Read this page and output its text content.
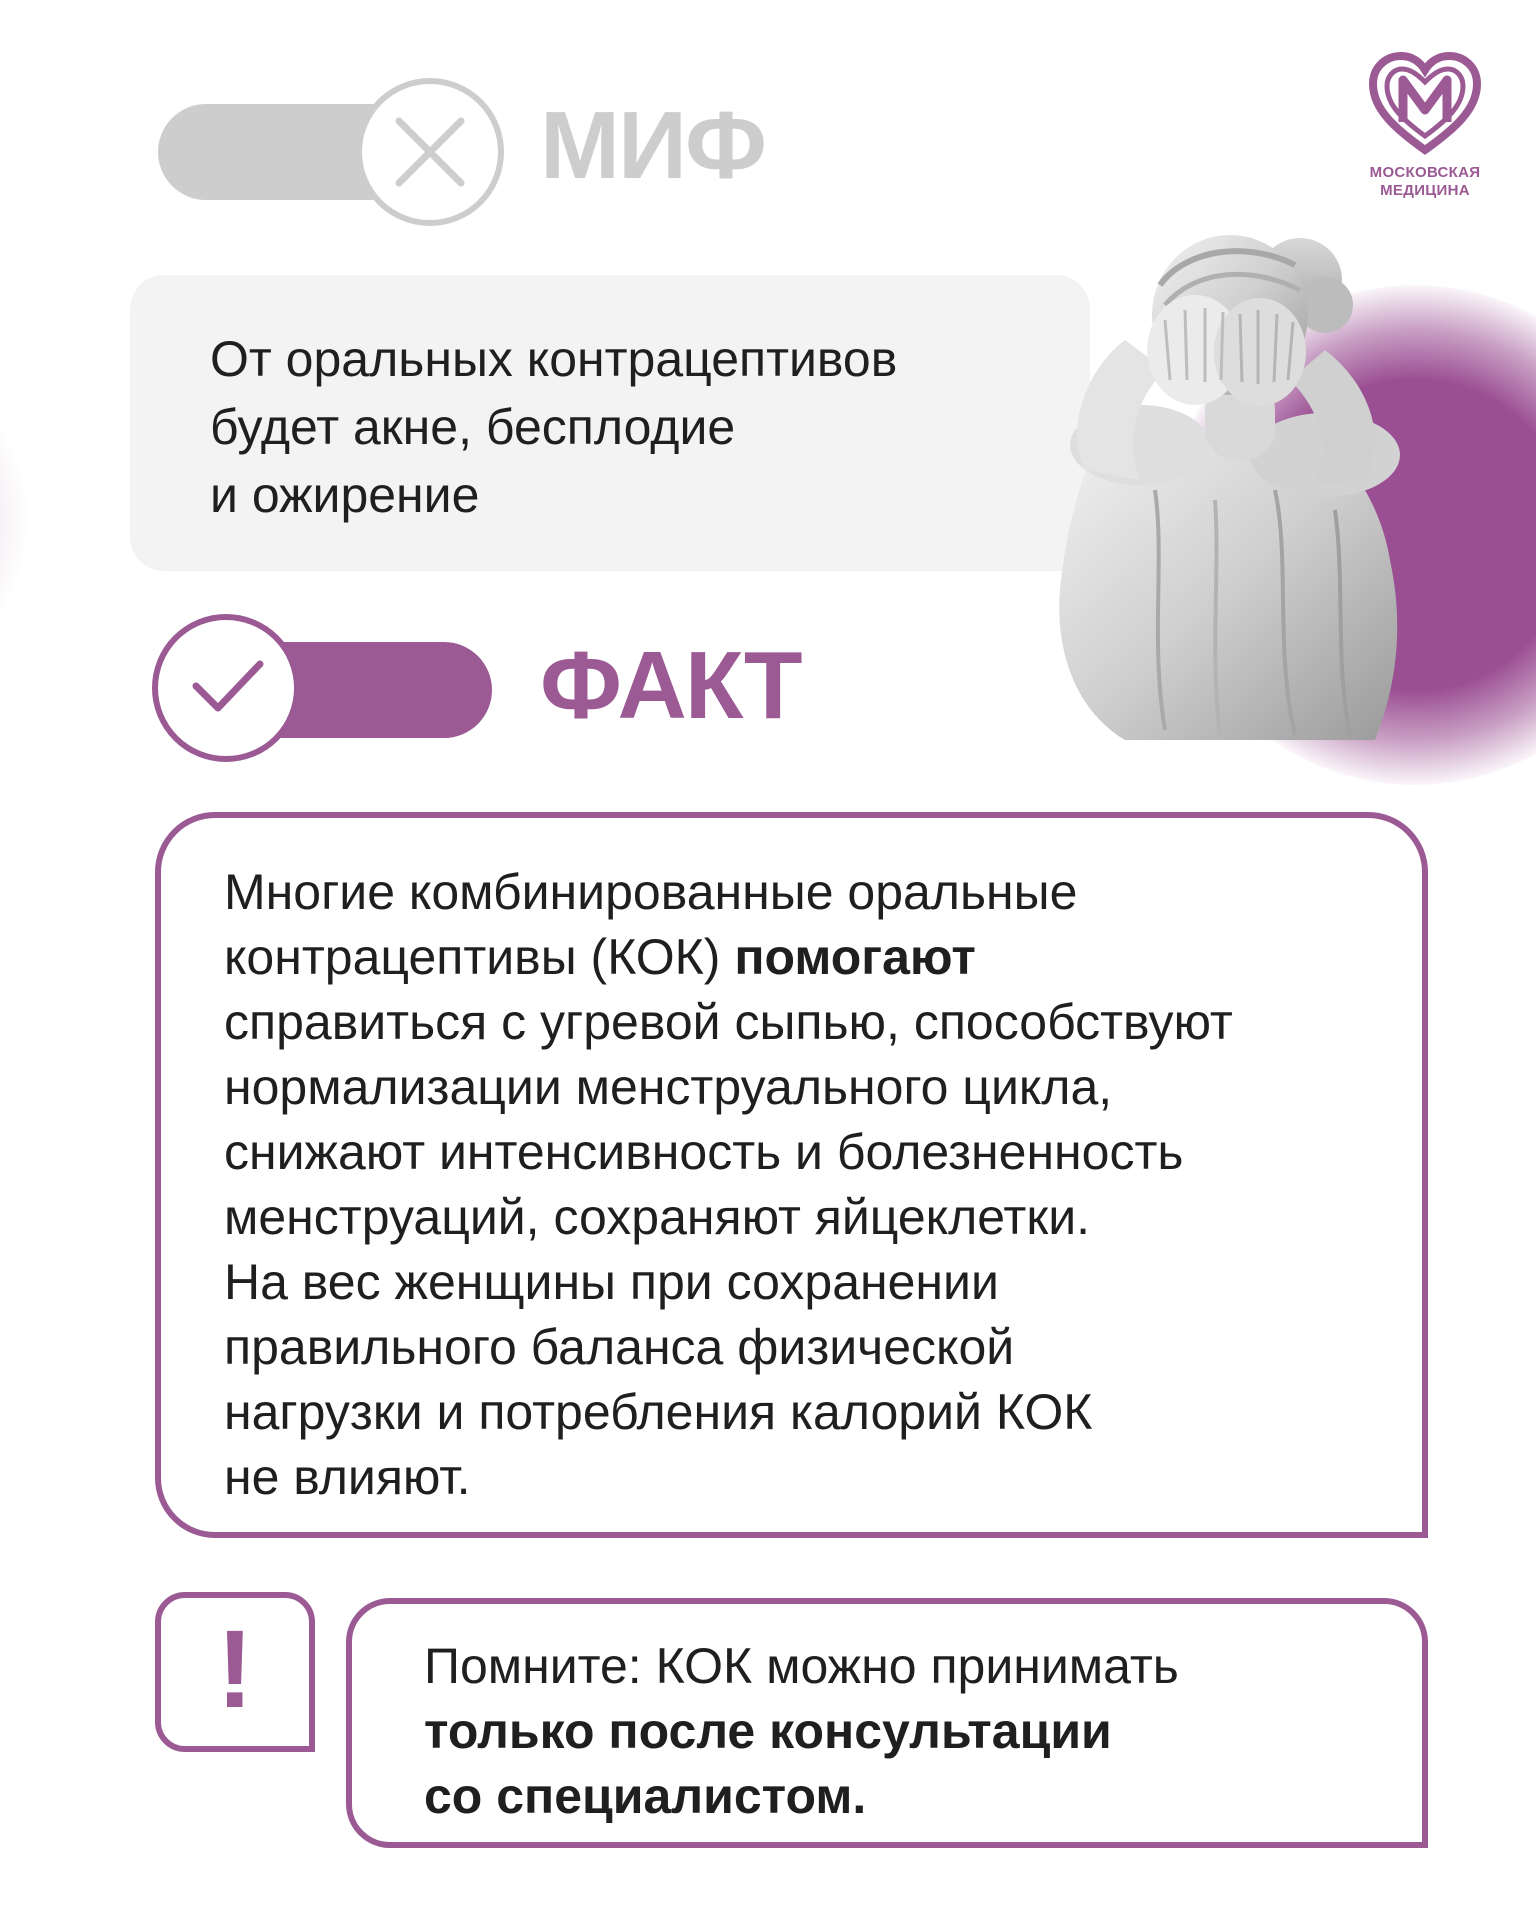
МОСКОВСКАЯ
МЕДИЦИНА
МИФ
От оральных контрацептивов
будет акне, бесплодие
и ожирение
ФАКТ
Многие комбинированные оральные
контрацептивы (КОК) помогают
справиться с угревой сыпью, способствуют
нормализации менструального цикла,
снижают интенсивность и болезненность
менструаций, сохраняют яйцеклетки.
На вес женщины при сохранении
правильного баланса физической
нагрузки и потребления калорий КОК
не влияют.
!	Помните: КОК можно принимать
только после консультации
со специалистом.
